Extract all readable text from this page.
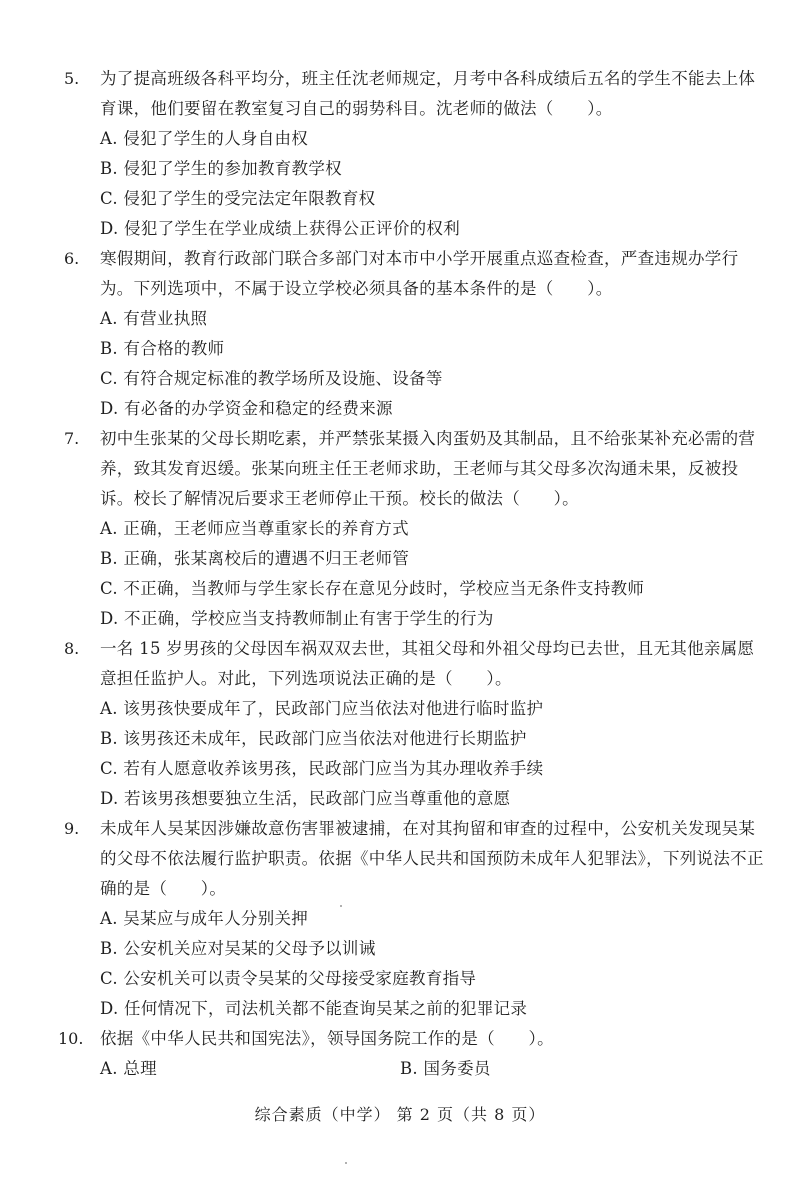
5. 为了提高班级各科平均分，班主任沈老师规定，月考中各科成绩后五名的学生不能去上体育课，他们要留在教室复习自己的弱势科目。沈老师的做法（　　）。
A. 侵犯了学生的人身自由权
B. 侵犯了学生的参加教育教学权
C. 侵犯了学生的受完法定年限教育权
D. 侵犯了学生在学业成绩上获得公正评价的权利
6. 寒假期间，教育行政部门联合多部门对本市中小学开展重点巡查检查，严查违规办学行为。下列选项中，不属于设立学校必须具备的基本条件的是（　　）。
A. 有营业执照
B. 有合格的教师
C. 有符合规定标准的教学场所及设施、设备等
D. 有必备的办学资金和稳定的经费来源
7. 初中生张某的父母长期吃素，并严禁张某摄入肉蛋奶及其制品，且不给张某补充必需的营养，致其发育迟缓。张某向班主任王老师求助，王老师与其父母多次沟通未果，反被投诉。校长了解情况后要求王老师停止干预。校长的做法（　　）。
A. 正确，王老师应当尊重家长的养育方式
B. 正确，张某离校后的遭遇不归王老师管
C. 不正确，当教师与学生家长存在意见分歧时，学校应当无条件支持教师
D. 不正确，学校应当支持教师制止有害于学生的行为
8. 一名 15 岁男孩的父母因车祸双双去世，其祖父母和外祖父母均已去世，且无其他亲属愿意担任监护人。对此，下列选项说法正确的是（　　）。
A. 该男孩快要成年了，民政部门应当依法对他进行临时监护
B. 该男孩还未成年，民政部门应当依法对他进行长期监护
C. 若有人愿意收养该男孩，民政部门应当为其办理收养手续
D. 若该男孩想要独立生活，民政部门应当尊重他的意愿
9. 未成年人吴某因涉嫌故意伤害罪被逮捕，在对其拘留和审查的过程中，公安机关发现吴某的父母不依法履行监护职责。依据《中华人民共和国预防未成年人犯罪法》，下列说法不正确的是（　　）。
A. 吴某应与成年人分别关押
B. 公安机关应对吴某的父母予以训诫
C. 公安机关可以责令吴某的父母接受家庭教育指导
D. 任何情况下，司法机关都不能查询吴某之前的犯罪记录
10. 依据《中华人民共和国宪法》，领导国务院工作的是（　　）。
A. 总理	B. 国务委员
综合素质（中学） 第 2 页（共 8 页）
